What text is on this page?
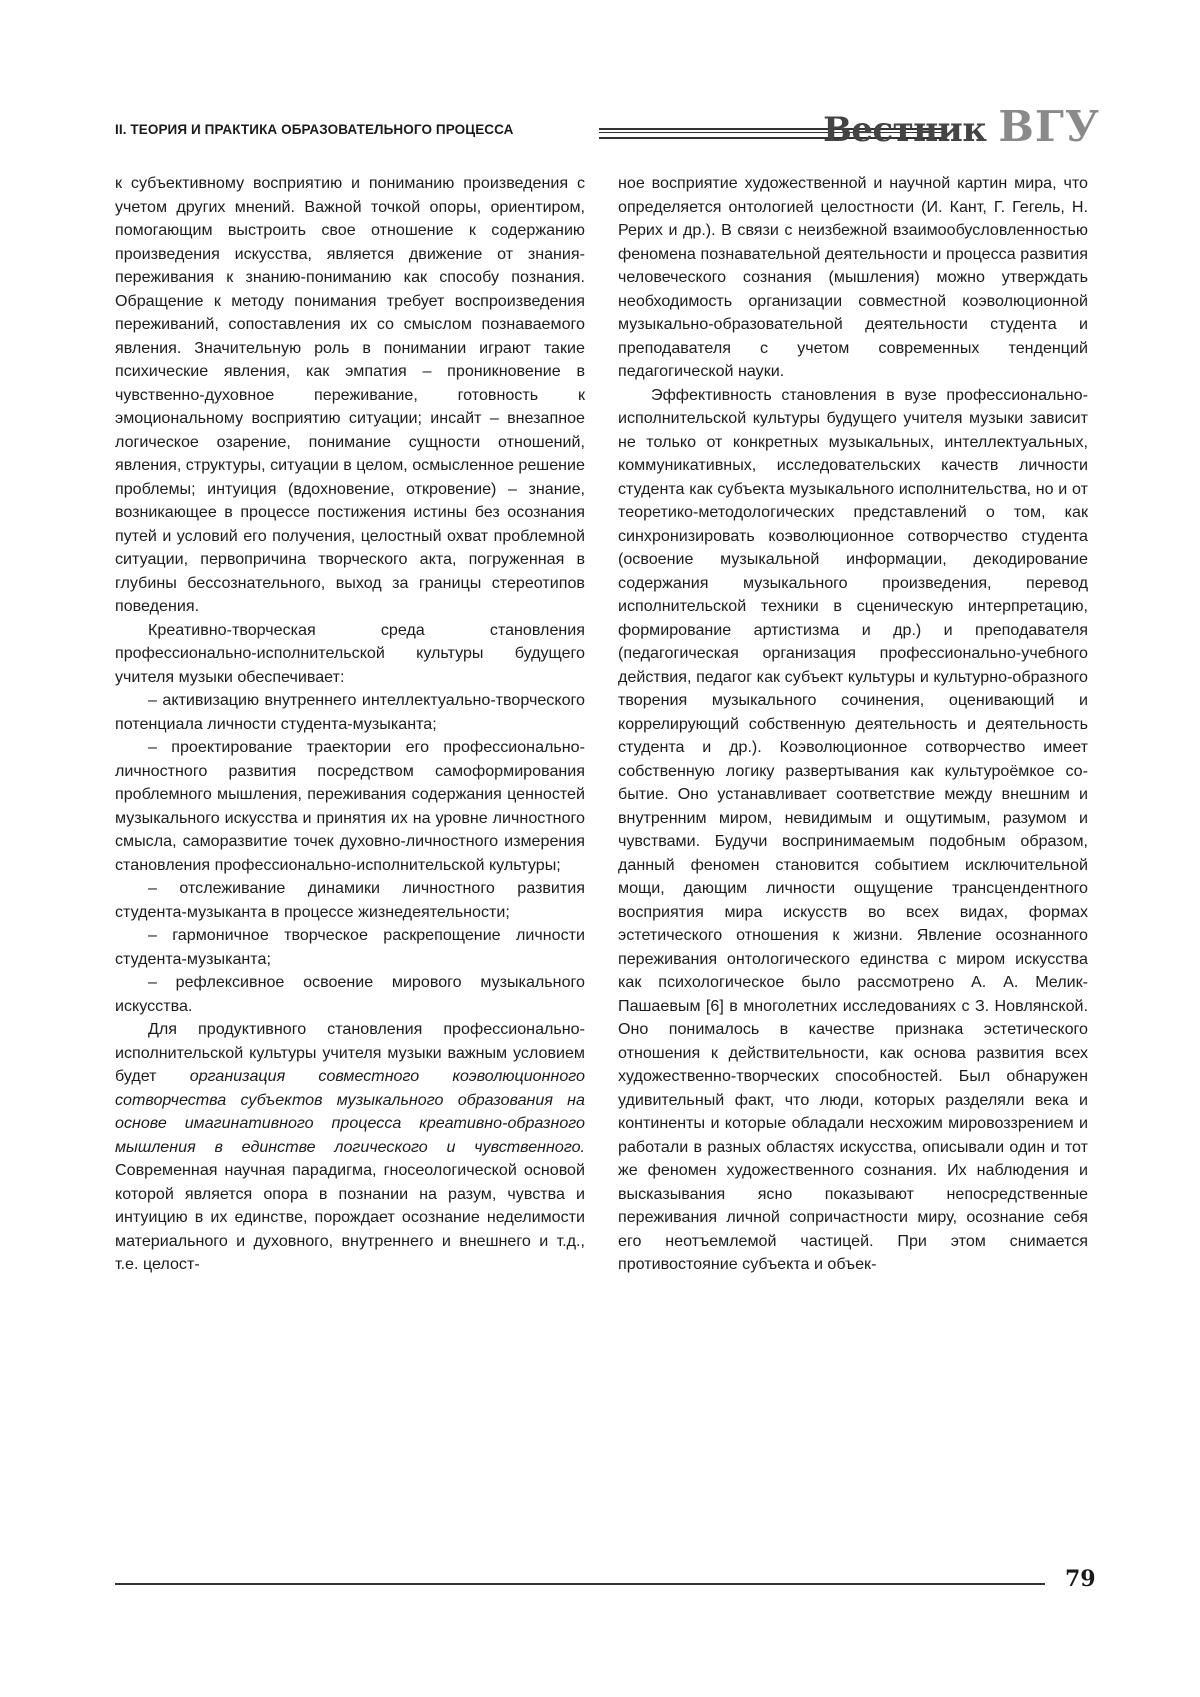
II. ТЕОРИЯ И ПРАКТИКА ОБРАЗОВАТЕЛЬНОГО ПРОЦЕССА	Вестник ВГУ

к субъективному восприятию и пониманию произведения с учетом других мнений. Важной точкой опоры, ориентиром, помогающим выстроить свое отношение к содержанию произведения искусства, является движение от знания-переживания к знанию-пониманию как способу познания. Обращение к методу понимания требует воспроизведения переживаний, сопоставления их со смыслом познаваемого явления. Значительную роль в понимании играют такие психические явления, как эмпатия – проникновение в чувственно-духовное переживание, готовность к эмоциональному восприятию ситуации; инсайт – внезапное логическое озарение, понимание сущности отношений, явления, структуры, ситуации в целом, осмысленное решение проблемы; интуиция (вдохновение, откровение) – знание, возникающее в процессе постижения истины без осознания путей и условий его получения, целостный охват проблемной ситуации, первопричина творческого акта, погруженная в глубины бессознательного, выход за границы стереотипов поведения.

Креативно-творческая среда становления профессионально-исполнительской культуры будущего учителя музыки обеспечивает:

– активизацию внутреннего интеллектуально-творческого потенциала личности студента-музыканта;

– проектирование траектории его профессионально-личностного развития посредством самоформирования проблемного мышления, переживания содержания ценностей музыкального искусства и принятия их на уровне личностного смысла, саморазвитие точек духовно-личностного измерения становления профессионально-исполнительской культуры;

– отслеживание динамики личностного развития студента-музыканта в процессе жизнедеятельности;

– гармоничное творческое раскрепощение личности студента-музыканта;

– рефлексивное освоение мирового музыкального искусства.

Для продуктивного становления профессионально-исполнительской культуры учителя музыки важным условием будет организация совместного коэволюционного сотворчества субъектов музыкального образования на основе имагинативного процесса креативно-образного мышления в единстве логического и чувственного. Современная научная парадигма, гносеологической основой которой является опора в познании на разум, чувства и интуицию в их единстве, порождает осознание неделимости материального и духовного, внутреннего и внешнего и т.д., т.е. целост-

ное восприятие художественной и научной картин мира, что определяется онтологией целостности (И. Кант, Г. Гегель, Н. Рерих и др.). В связи с неизбежной взаимообусловленностью феномена познавательной деятельности и процесса развития человеческого сознания (мышления) можно утверждать необходимость организации совместной коэволюционной музыкально-образовательной деятельности студента и преподавателя с учетом современных тенденций педагогической науки.

Эффективность становления в вузе профессионально-исполнительской культуры будущего учителя музыки зависит не только от конкретных музыкальных, интеллектуальных, коммуникативных, исследовательских качеств личности студента как субъекта музыкального исполнительства, но и от теоретико-методологических представлений о том, как синхронизировать коэволюционное сотворчество студента (освоение музыкальной информации, декодирование содержания музыкального произведения, перевод исполнительской техники в сценическую интерпретацию, формирование артистизма и др.) и преподавателя (педагогическая организация профессионально-учебного действия, педагог как субъект культуры и культурно-образного творения музыкального сочинения, оценивающий и коррелирующий собственную деятельность и деятельность студента и др.). Коэволюционное сотворчество имеет собственную логику развертывания как культуроёмкое со-бытие. Оно устанавливает соответствие между внешним и внутренним миром, невидимым и ощутимым, разумом и чувствами. Будучи воспринимаемым подобным образом, данный феномен становится событием исключительной мощи, дающим личности ощущение трансцендентного восприятия мира искусств во всех видах, формах эстетического отношения к жизни. Явление осознанного переживания онтологического единства с миром искусства как психологическое было рассмотрено А. А. Мелик-Пашаевым [6] в многолетних исследованиях с З. Новлянской. Оно понималось в качестве признака эстетического отношения к действительности, как основа развития всех художественно-творческих способностей. Был обнаружен удивительный факт, что люди, которых разделяли века и континенты и которые обладали несхожим мировоззрением и работали в разных областях искусства, описывали один и тот же феномен художественного сознания. Их наблюдения и высказывания ясно показывают непосредственные переживания личной сопричастности миру, осознание себя его неотъемлемой частицей. При этом снимается противостояние субъекта и объек-

79
